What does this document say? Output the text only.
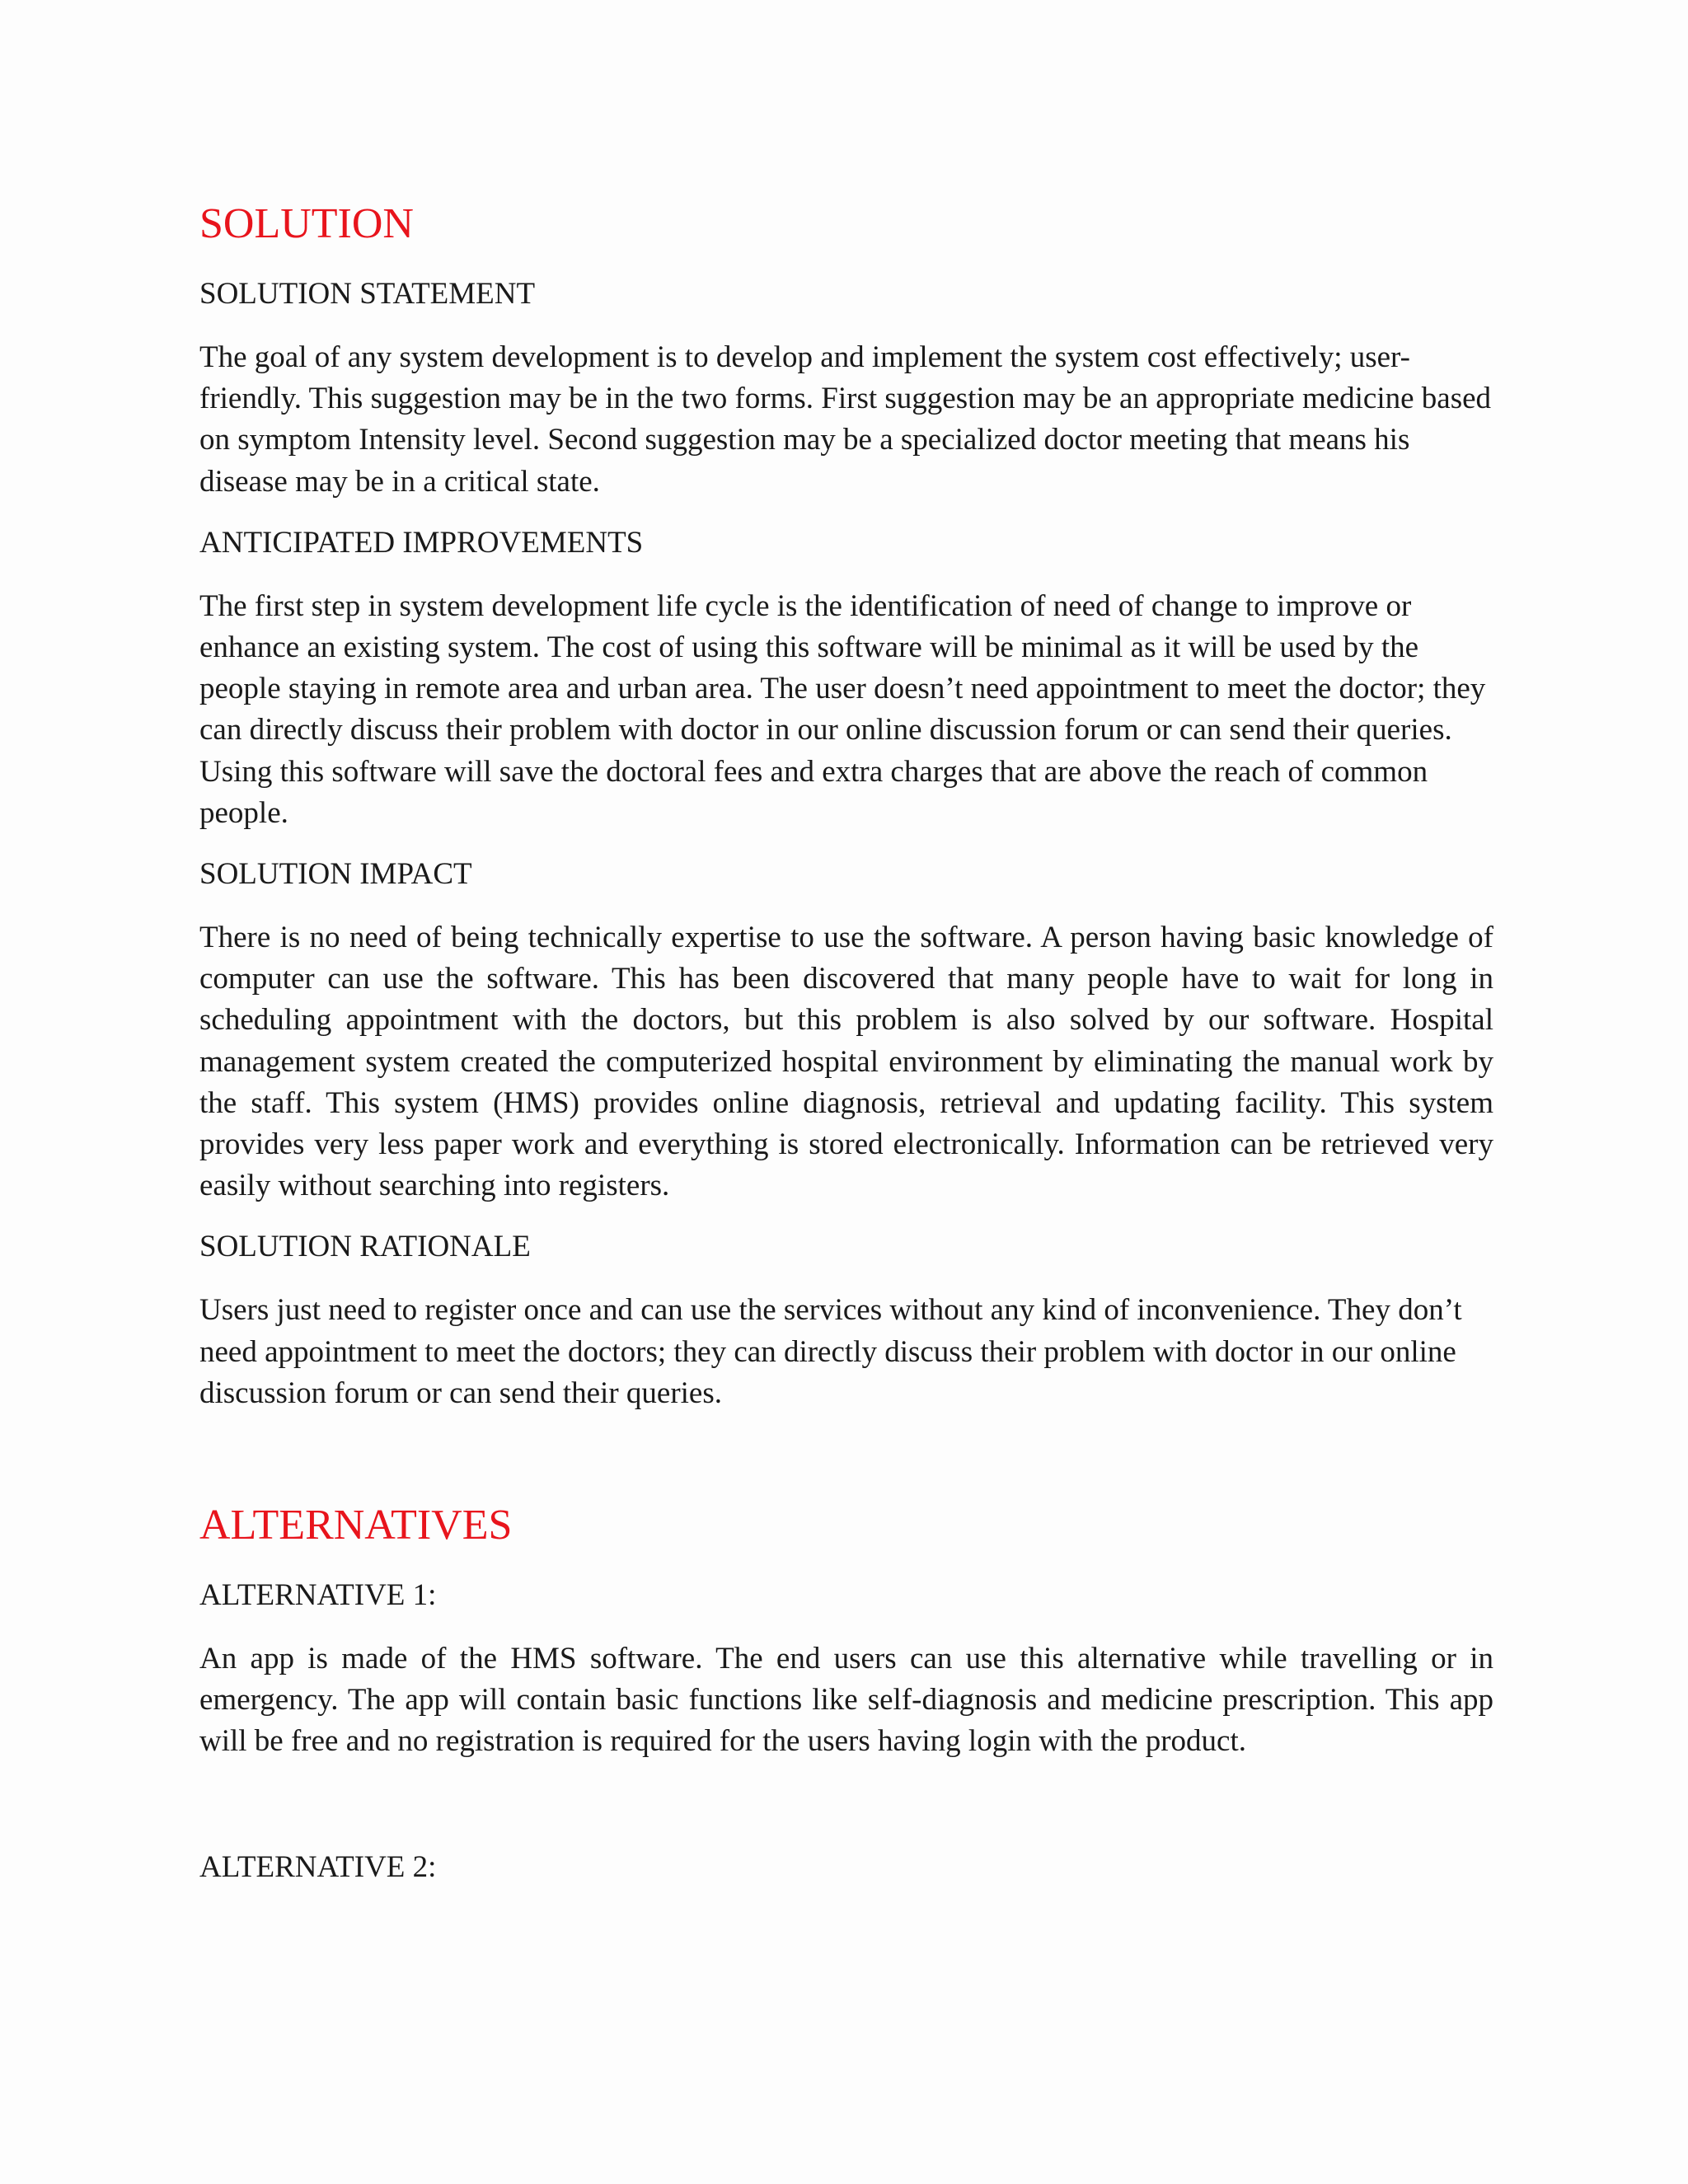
SOLUTION
SOLUTION STATEMENT

The goal of any system development is to develop and implement the system cost effectively; user-friendly. This suggestion may be in the two forms. First suggestion may be an appropriate medicine based on symptom Intensity level. Second suggestion may be a specialized doctor meeting that means his disease may be in a critical state.

ANTICIPATED IMPROVEMENTS

The first step in system development life cycle is the identification of need of change to improve or enhance an existing system. The cost of using this software will be minimal as it will be used by the people staying in remote area and urban area. The user doesn’t need appointment to meet the doctor; they can directly discuss their problem with doctor in our online discussion forum or can send their queries. Using this software will save the doctoral fees and extra charges that are above the reach of common people.

SOLUTION IMPACT

There is no need of being technically expertise to use the software. A person having basic knowledge of computer can use the software. This has been discovered that many people have to wait for long in scheduling appointment with the doctors, but this problem is also solved by our software. Hospital management system created the computerized hospital environment by eliminating the manual work by the staff. This system (HMS) provides online diagnosis, retrieval and updating facility. This system provides very less paper work and everything is stored electronically. Information can be retrieved very easily without searching into registers.

SOLUTION RATIONALE

Users just need to register once and can use the services without any kind of inconvenience. They don’t need appointment to meet the doctors; they can directly discuss their problem with doctor in our online discussion forum or can send their queries.

ALTERNATIVES
ALTERNATIVE 1:

An app is made of the HMS software. The end users can use this alternative while travelling or in emergency. The app will contain basic functions like self-diagnosis and medicine prescription. This app will be free and no registration is required for the users having login with the product.

ALTERNATIVE 2:
